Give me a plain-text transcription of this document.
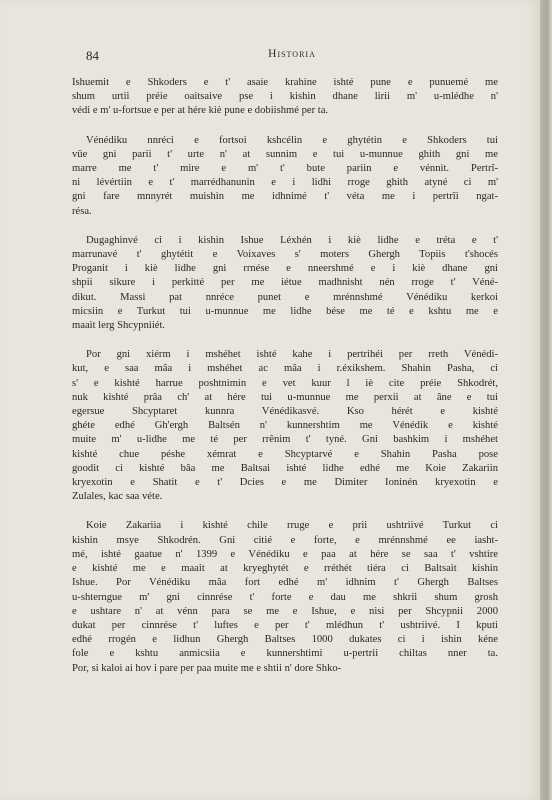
84	Historia
Ishuemit e Shkoders e t' asaie krahine ishté pune e punuemé me
shum urtii préie oaitsaive pse i kishin dhane lirii m' u-mlédhe n'
védi e m' u-fortsue e per at hére kiè pune e dobiishmé per ta.
Vénédiku nnréci e fortsoi kshcélin e ghytétin e Shkoders tui
vûe gni parii t' urte n' at sunnim e tui u-munnue ghith gni me
marre me t' mire e m' t' bute pariin e vénnit. Pertrî-
ni lévértiin e t' marrédhanunin e i lidhi rroge ghith atyné ci m'
gni fare mnnyrét muishin me idhnimé t' véta me i pertrîi ngat-
résa.
Dugaghinvé ci i kishin Ishue Léxhén i kiè lidhe e tréta e t'
marrunavé t' ghytétit e Voixaves s' moters Ghergh Topiis t'shocés
Proganit i kiè lidhe gni rrnése e nneershmé e i kiè dhane gni
shpii sikure i perkitté per me iétue madhnisht nén rroge t' Véné-
dikut. Massi pat nnréce punet e mrénnshmé Vénédiku kerkoi
micsiin e Turkut tui u-munnue me lidhe bése me té e kshtu me e
maait lerg Shcypniiét.
Por gni xiérm i mshéhet ishté kahe i pertrihéi per rreth Vénédi-
kut, e saa mâa i mshéhet ac mâa i r.éxikshem. Shahin Pasha, ci
s' e kishté harrue poshtnimin e vet kuur l iè cite préie Shkodrét,
nuk kishté prâa ch' at hére tui u-munnue me perxii at âne e tui
egersue Shcyptaret kunnra Vénédikasvé. Kso hérét e kishté
ghéte edhé Gh'ergh Baltsén n' kunnershtim me Vénédik e kishté
muite m' u-lidhe me té per rrênim t' tyné. Gni bashkim i mshéhet
kishté chue péshe xémrat e Shcyptarvé e Shahin Pasha pose
goodit ci kishté bâa me Baltsai ishté lidhe edhé me Koie Zakariin
kryexotin e Shatit e t' Dcies e me Dimiter Ioninén kryexotin e
Zulales, kac saa véte.
Koie Zakariia i kishté chile rruge e prii ushtriivé Turkut ci
kishin msye Shkodrén. Gni citié e forte, e mrénnshmé ee iasht-
mé, ishté gaatue n' 1399 e Vénédiku e paa at hére se saa t' vshtire
e kishté me e maait at kryeghytét e rréthét tiéra ci Baltsait kishin
Ishue. Por Vénédiku mâa fort edhé m' idhnim t' Ghergh Baltses
u-shterngue m' gni cinnrése t' forte e dau me shkrii shum grosh
e ushtare n' at vénn para se me e Ishue, e nisi per Shcypnii 2000
dukat per cinnrése t' luftes e per t' mlédhun t' ushtriivé. I kputi
edhé rrogén e lidhun Ghergh Baltses 1000 dukates ci i ishin kéne
fole e kshtu anmicsiia e kunnershtimi u-pertrii chiltas nner ta.
Por, si kaloi ai hov i pare per paa muite me e shtii n' dore Shko-
